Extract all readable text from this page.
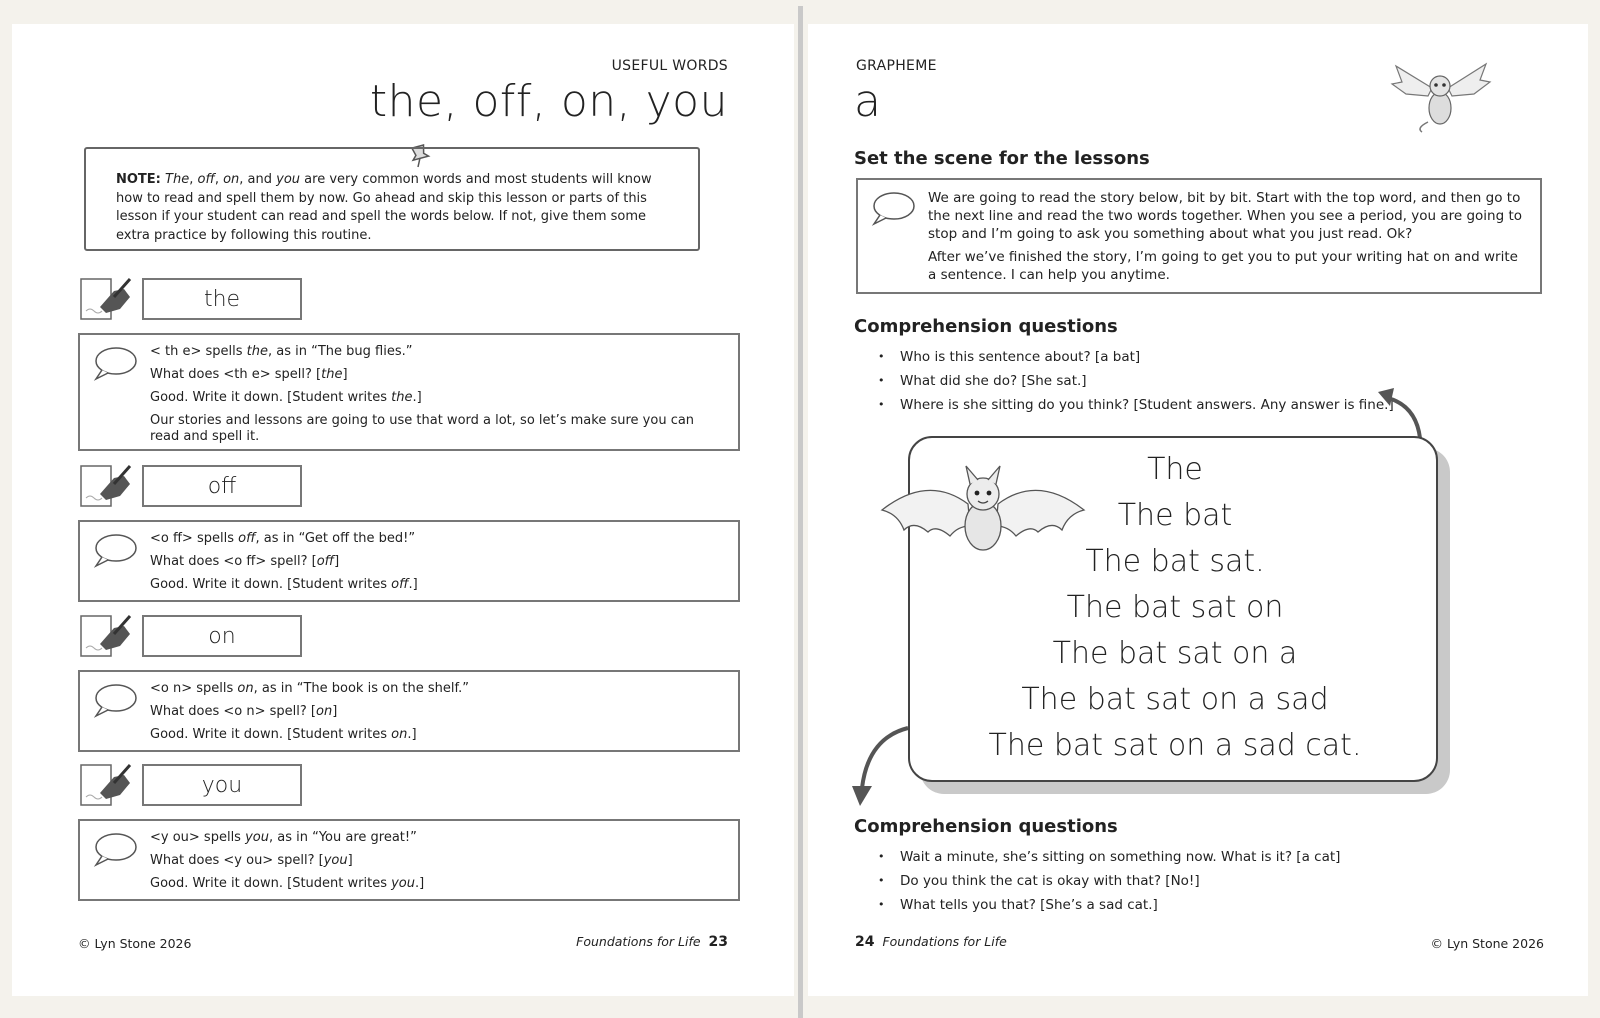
USEFUL WORDS
the, off, on, you
NOTE: The, off, on, and you are very common words and most students will know how to read and spell them by now. Go ahead and skip this lesson or parts of this lesson if your student can read and spell the words below. If not, give them some extra practice by following this routine.
the

< th e> spells the, as in “The bug flies.”

What does <th e> spell? [the]

Good. Write it down. [Student writes the.]

Our stories and lessons are going to use that word a lot, so let’s make sure you can read and spell it.

off

<o ff> spells off, as in “Get off the bed!”

What does <o ff> spell? [off]

Good. Write it down. [Student writes off.]

on

<o n> spells on, as in “The book is on the shelf.”

What does <o n> spell? [on]

Good. Write it down. [Student writes on.]

you

<y ou> spells you, as in “You are great!”

What does <y ou> spell? [you]

Good. Write it down. [Student writes you.]

© Lyn Stone 2026	Foundations for Life 23
GRAPHEME
a
Set the scene for the lessons

We are going to read the story below, bit by bit. Start with the top word, and then go to the next line and read the two words together. When you see a period, you are going to stop and I’m going to ask you something about what you just read. Ok?

After we’ve finished the story, I’m going to get you to put your writing hat on and write a sentence. I can help you anytime.

Comprehension questions
• Who is this sentence about? [a bat]
• What did she do? [She sat.]
• Where is she sitting do you think? [Student answers. Any answer is fine.]
The
The bat
The bat sat.
The bat sat on
The bat sat on a
The bat sat on a sad
The bat sat on a sad cat.
Comprehension questions
• Wait a minute, she’s sitting on something now. What is it? [a cat]
• Do you think the cat is okay with that? [No!]
• What tells you that? [She’s a sad cat.]
24 Foundations for Life	© Lyn Stone 2026
